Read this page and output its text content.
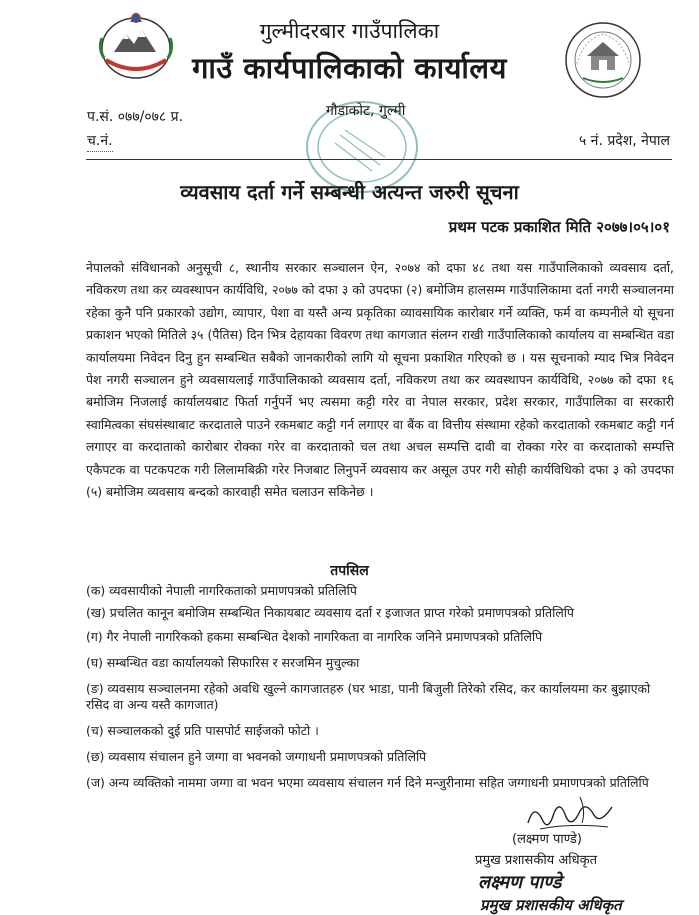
गुल्मीदरबार गाउँपालिका
गाउँ कार्यपालिकाको कार्यालय
प.सं. ०७७/०७८ प्र.	गौडाकोट, गुल्मी
च.नं.	५ नं. प्रदेश, नेपाल
व्यवसाय दर्ता गर्ने सम्बन्धी अत्यन्त जरुरी सूचना
प्रथम पटक प्रकाशित मिति २०७७।०५।०१
नेपालको संविधानको अनुसूची ८, स्थानीय सरकार सञ्चालन ऐन, २०७४ को दफा ४८ तथा यस गाउँपालिकाको व्यवसाय दर्ता, नविकरण तथा कर व्यवस्थापन कार्यविधि, २०७७ को दफा ३ को उपदफा (२) बमोजिम हालसम्म गाउँपालिकामा दर्ता नगरी सञ्चालनमा रहेका कुनै पनि प्रकारको उद्योग, व्यापार, पेशा वा यस्तै अन्य प्रकृतिका व्यावसायिक कारोबार गर्ने व्यक्ति, फर्म वा कम्पनीले यो सूचना प्रकाशन भएको मितिले ३५ (पैतिस) दिन भित्र देहायका विवरण तथा कागजात संलग्न राखी गाउँपालिकाको कार्यालय वा सम्बन्धित वडा कार्यालयमा निवेदन दिनु हुन सम्बन्धित सबैको जानकारीको लागि यो सूचना प्रकाशित गरिएको छ । यस सूचनाको म्याद भित्र निवेदन पेश नगरी सञ्चालन हुने व्यवसायलाई गाउँपालिकाको व्यवसाय दर्ता, नविकरण तथा कर व्यवस्थापन कार्यविधि, २०७७ को दफा १६ बमोजिम निजलाई कार्यालयबाट फिर्ता गर्नुपर्ने भए त्यसमा कट्टी गरेर वा नेपाल सरकार, प्रदेश सरकार, गाउँपालिका वा सरकारी स्वामित्वका संघसंस्थाबाट करदाताले पाउने रकमबाट कट्टी गर्न लगाएर वा बैंक वा वित्तीय संस्थामा रहेको करदाताको रकमबाट कट्टी गर्न लगाएर वा करदाताको कारोबार रोक्का गरेर वा करदाताको चल तथा अचल सम्पत्ति दावी वा रोक्का गरेर वा करदाताको सम्पत्ति एकैपटक वा पटकपटक गरी लिलामबिक्री गरेर निजबाट लिनुपर्ने व्यवसाय कर असूल उपर गरी सोही कार्यविधिको दफा ३ को उपदफा (५) बमोजिम व्यवसाय बन्दको कारवाही समेत चलाउन सकिनेछ ।
तपसिल
(क) व्यवसायीको नेपाली नागरिकताको प्रमाणपत्रको प्रतिलिपि
(ख) प्रचलित कानून बमोजिम सम्बन्धित निकायबाट व्यवसाय दर्ता र इजाजत प्राप्त गरेको प्रमाणपत्रको प्रतिलिपि
(ग) गैर नेपाली नागरिकको हकमा सम्बन्धित देशको नागरिकता वा नागरिक जनिने प्रमाणपत्रको प्रतिलिपि
(घ) सम्बन्धित वडा कार्यालयको सिफारिस र सरजमिन मुचुल्का
(ङ) व्यवसाय सञ्चालनमा रहेको अवधि खुल्ने कागजातहरु (घर भाडा, पानी बिजुली तिरेको रसिद, कर कार्यालयमा कर बुझाएको रसिद वा अन्य यस्तै कागजात)
(च) सञ्चालकको दुई प्रति पासपोर्ट साईजको फोटो ।
(छ) व्यवसाय संचालन हुने जग्गा वा भवनको जग्गाधनी प्रमाणपत्रको प्रतिलिपि
(ज) अन्य व्यक्तिको नाममा जग्गा वा भवन भएमा व्यवसाय संचालन गर्न दिने मन्जुरीनामा सहित जग्गाधनी प्रमाणपत्रको प्रतिलिपि
(लक्ष्मण पाण्डे)
प्रमुख प्रशासकीय अधिकृत
लक्ष्मण पाण्डे
प्रमुख प्रशासकीय अधिकृत
